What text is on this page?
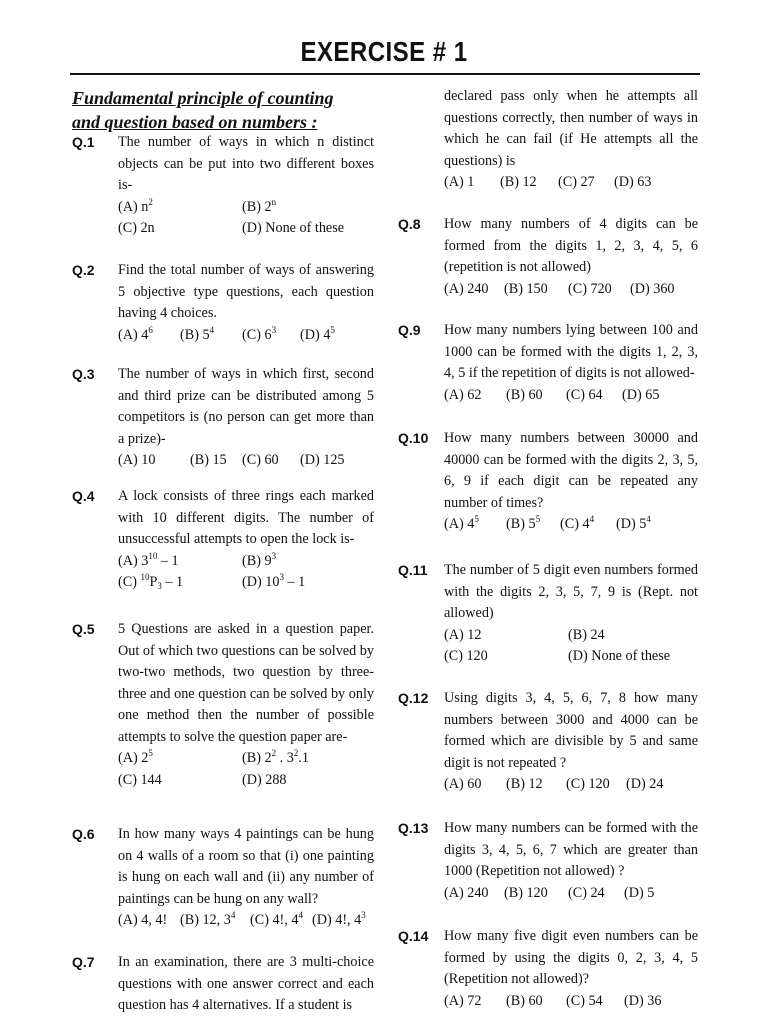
EXERCISE # 1
Fundamental principle of counting
and question based on numbers :
Q.1 The number of ways in which n distinct objects can be put into two different boxes is-
(A) $n^2$	(B) 2$^n$
(C) 2n	(D) None of these
Q.2 Find the total number of ways of answering 5 objective type questions, each question having 4 choices.
(A) $4^6$ (B) $5^4$ (C) $6^3$ (D) $4^5$
Q.3 The number of ways in which first, second and third prize can be distributed among 5 competitors is (no person can get more than a prize)-
(A) 10 (B) 15 (C) 60 (D) 125
Q.4 A lock consists of three rings each marked with 10 different digits. The number of unsuccessful attempts to open the lock is-
(A) $3^{10} - 1$	(B) $9^3$
(C) $^{10}P_3 - 1$	(D) $10^3 - 1$
Q.5 5 Questions are asked in a question paper. Out of which two questions can be solved by two-two methods, two question by three-three and one question can be solved by only one method then the number of possible attempts to solve the question paper are-
(A) $2^5$	(B) $2^2$ . $3^2.1$
(C) 144	(D) 288
Q.6 In how many ways 4 paintings can be hung on 4 walls of a room so that (i) one painting is hung on each wall and (ii) any number of paintings can be hung on any wall?
(A) 4, 4! (B) 12, $3^4$ (C) 4!, $4^4$ (D) 4!, $4^3$
Q.7 In an examination, there are 3 multi-choice questions with one answer correct and each question has 4 alternatives. If a student is
declared pass only when he attempts all questions correctly, then number of ways in which he can fail (if He attempts all the questions) is
(A) 1 (B) 12 (C) 27 (D) 63
Q.8 How many numbers of 4 digits can be formed from the digits 1, 2, 3, 4, 5, 6 (repetition is not allowed)
(A) 240 (B) 150 (C) 720 (D) 360
Q.9 How many numbers lying between 100 and 1000 can be formed with the digits 1, 2, 3, 4, 5 if the repetition of digits is not allowed-
(A) 62 (B) 60 (C) 64 (D) 65
Q.10 How many numbers between 30000 and 40000 can be formed with the digits 2, 3, 5, 6, 9 if each digit can be repeated any number of times?
(A) $4^5$ (B) $5^5$ (C) $4^4$ (D) $5^4$
Q.11 The number of 5 digit even numbers formed with the digits 2, 3, 5, 7, 9 is (Rept. not allowed)
(A) 12	(B) 24
(C) 120	(D) None of these
Q.12 Using digits 3, 4, 5, 6, 7, 8 how many numbers between 3000 and 4000 can be formed which are divisible by 5 and same digit is not repeated ?
(A) 60 (B) 12 (C) 120 (D) 24
Q.13 How many numbers can be formed with the digits 3, 4, 5, 6, 7 which are greater than 1000 (Repetition not allowed) ?
(A) 240 (B) 120 (C) 24 (D) 5
Q.14 How many five digit even numbers can be formed by using the digits 0, 2, 3, 4, 5 (Repetition not allowed)?
(A) 72 (B) 60 (C) 54 (D) 36
